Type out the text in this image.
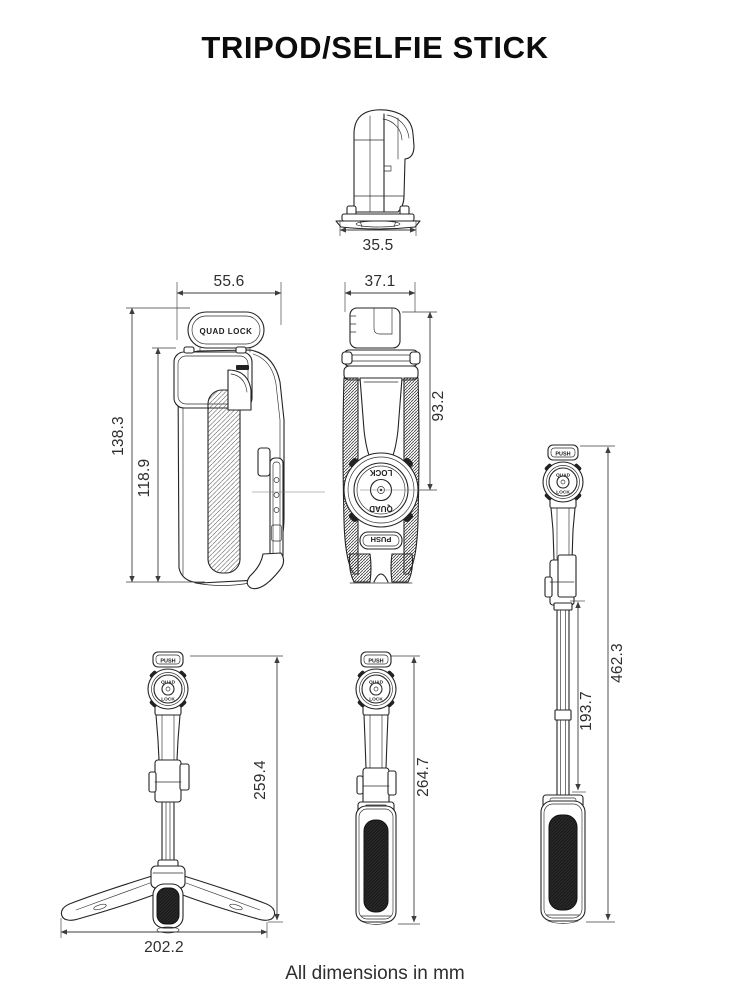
TRIPOD/SELFIE STICK
35.5
QUAD LOCK
55.6
138.3
118.9	LOCK
QUAD
PUSH
37.1
93.2
PUSH
QUAD
LOCK
462.3
193.7
PUSH
QUAD
LOCK
259.4
202.2
PUSH
QUAD
LOCK
264.7
All dimensions in mm
